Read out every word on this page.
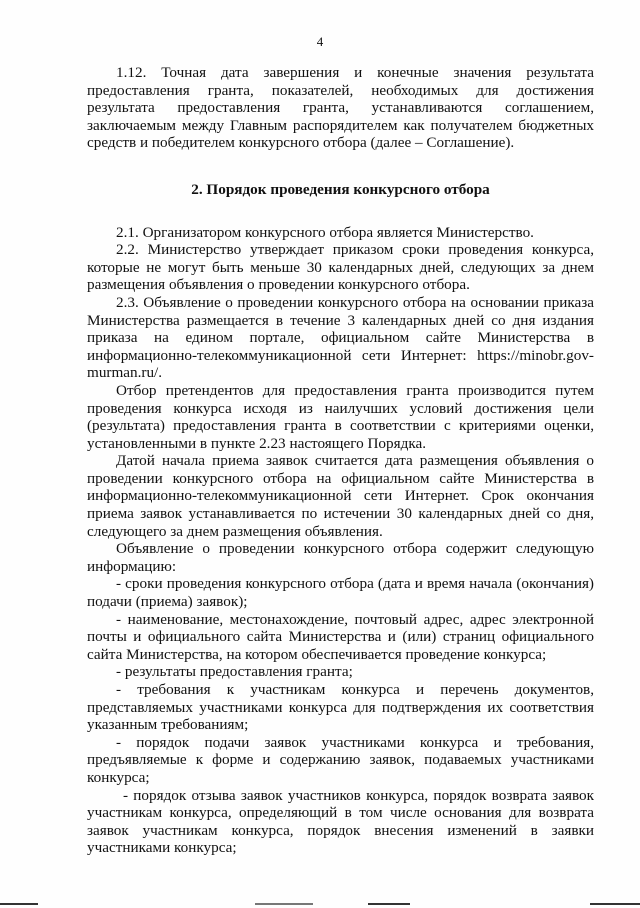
4

1.12. Точная дата завершения и конечные значения результата предоставления гранта, показателей, необходимых для достижения результата предоставления гранта, устанавливаются соглашением, заключаемым между Главным распорядителем как получателем бюджетных средств и победителем конкурсного отбора (далее – Соглашение).

2. Порядок проведения конкурсного отбора

2.1. Организатором конкурсного отбора является Министерство.

2.2. Министерство утверждает приказом сроки проведения конкурса, которые не могут быть меньше 30 календарных дней, следующих за днем размещения объявления о проведении конкурсного отбора.

2.3. Объявление о проведении конкурсного отбора на основании приказа Министерства размещается в течение 3 календарных дней со дня издания приказа на едином портале, официальном сайте Министерства в информационно-телекоммуникационной сети Интернет: https://minobr.gov-murman.ru/.

Отбор претендентов для предоставления гранта производится путем проведения конкурса исходя из наилучших условий достижения цели (результата) предоставления гранта в соответствии с критериями оценки, установленными в пункте 2.23 настоящего Порядка.

Датой начала приема заявок считается дата размещения объявления о проведении конкурсного отбора на официальном сайте Министерства в информационно-телекоммуникационной сети Интернет. Срок окончания приема заявок устанавливается по истечении 30 календарных дней со дня, следующего за днем размещения объявления.

Объявление о проведении конкурсного отбора содержит следующую информацию:

- сроки проведения конкурсного отбора (дата и время начала (окончания) подачи (приема) заявок);

- наименование, местонахождение, почтовый адрес, адрес электронной почты и официального сайта Министерства и (или) страниц официального сайта Министерства, на котором обеспечивается проведение конкурса;

- результаты предоставления гранта;

- требования к участникам конкурса и перечень документов, представляемых участниками конкурса для подтверждения их соответствия указанным требованиям;

- порядок подачи заявок участниками конкурса и требования, предъявляемые к форме и содержанию заявок, подаваемых участниками конкурса;

- порядок отзыва заявок участников конкурса, порядок возврата заявок участникам конкурса, определяющий в том числе основания для возврата заявок участникам конкурса, порядок внесения изменений в заявки участниками конкурса;
